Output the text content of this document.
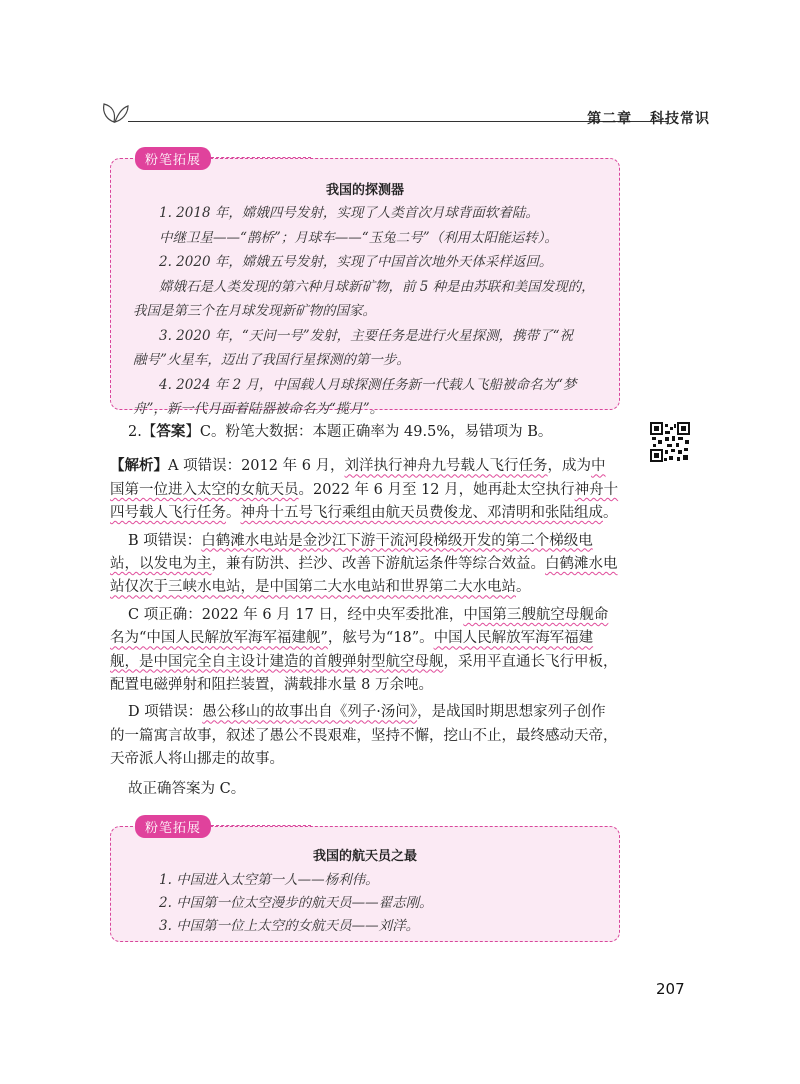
第二章 科技常识
粉笔拓展
我国的探测器

1. 2018 年，嫦娥四号发射，实现了人类首次月球背面软着陆。

中继卫星——“鹊桥”；月球车——“玉兔二号”（利用太阳能运转）。

2. 2020 年，嫦娥五号发射，实现了中国首次地外天体采样返回。

嫦娥石是人类发现的第六种月球新矿物，前 5 种是由苏联和美国发现的，

我国是第三个在月球发现新矿物的国家。

3. 2020 年，“天问一号”发射，主要任务是进行火星探测，携带了“祝

融号”火星车，迈出了我国行星探测的第一步。

4. 2024 年 2 月，中国载人月球探测任务新一代载人飞船被命名为“梦

舟”，新一代月面着陆器被命名为“揽月”。

2.【答案】C。粉笔大数据：本题正确率为 49.5%，易错项为 B。

【解析】A 项错误：2012 年 6 月，刘洋执行神舟九号载人飞行任务，成为中国第一位进入太空的女航天员。2022 年 6 月至 12 月，她再赴太空执行神舟十四号载人飞行任务。神舟十五号飞行乘组由航天员费俊龙、邓清明和张陆组成。

B 项错误：白鹤滩水电站是金沙江下游干流河段梯级开发的第二个梯级电站，以发电为主，兼有防洪、拦沙、改善下游航运条件等综合效益。白鹤滩水电站仅次于三峡水电站，是中国第二大水电站和世界第二大水电站。

C 项正确：2022 年 6 月 17 日，经中央军委批准，中国第三艘航空母舰命名为“中国人民解放军海军福建舰”，舷号为“18”。中国人民解放军海军福建舰，是中国完全自主设计建造的首艘弹射型航空母舰，采用平直通长飞行甲板，配置电磁弹射和阻拦装置，满载排水量 8 万余吨。

D 项错误：愚公移山的故事出自《列子·汤问》，是战国时期思想家列子创作的一篇寓言故事，叙述了愚公不畏艰难，坚持不懈，挖山不止，最终感动天帝，天帝派人将山挪走的故事。

故正确答案为 C。

粉笔拓展
我国的航天员之最

1. 中国进入太空第一人——杨利伟。

2. 中国第一位太空漫步的航天员——翟志刚。

3. 中国第一位上太空的女航天员——刘洋。

207
